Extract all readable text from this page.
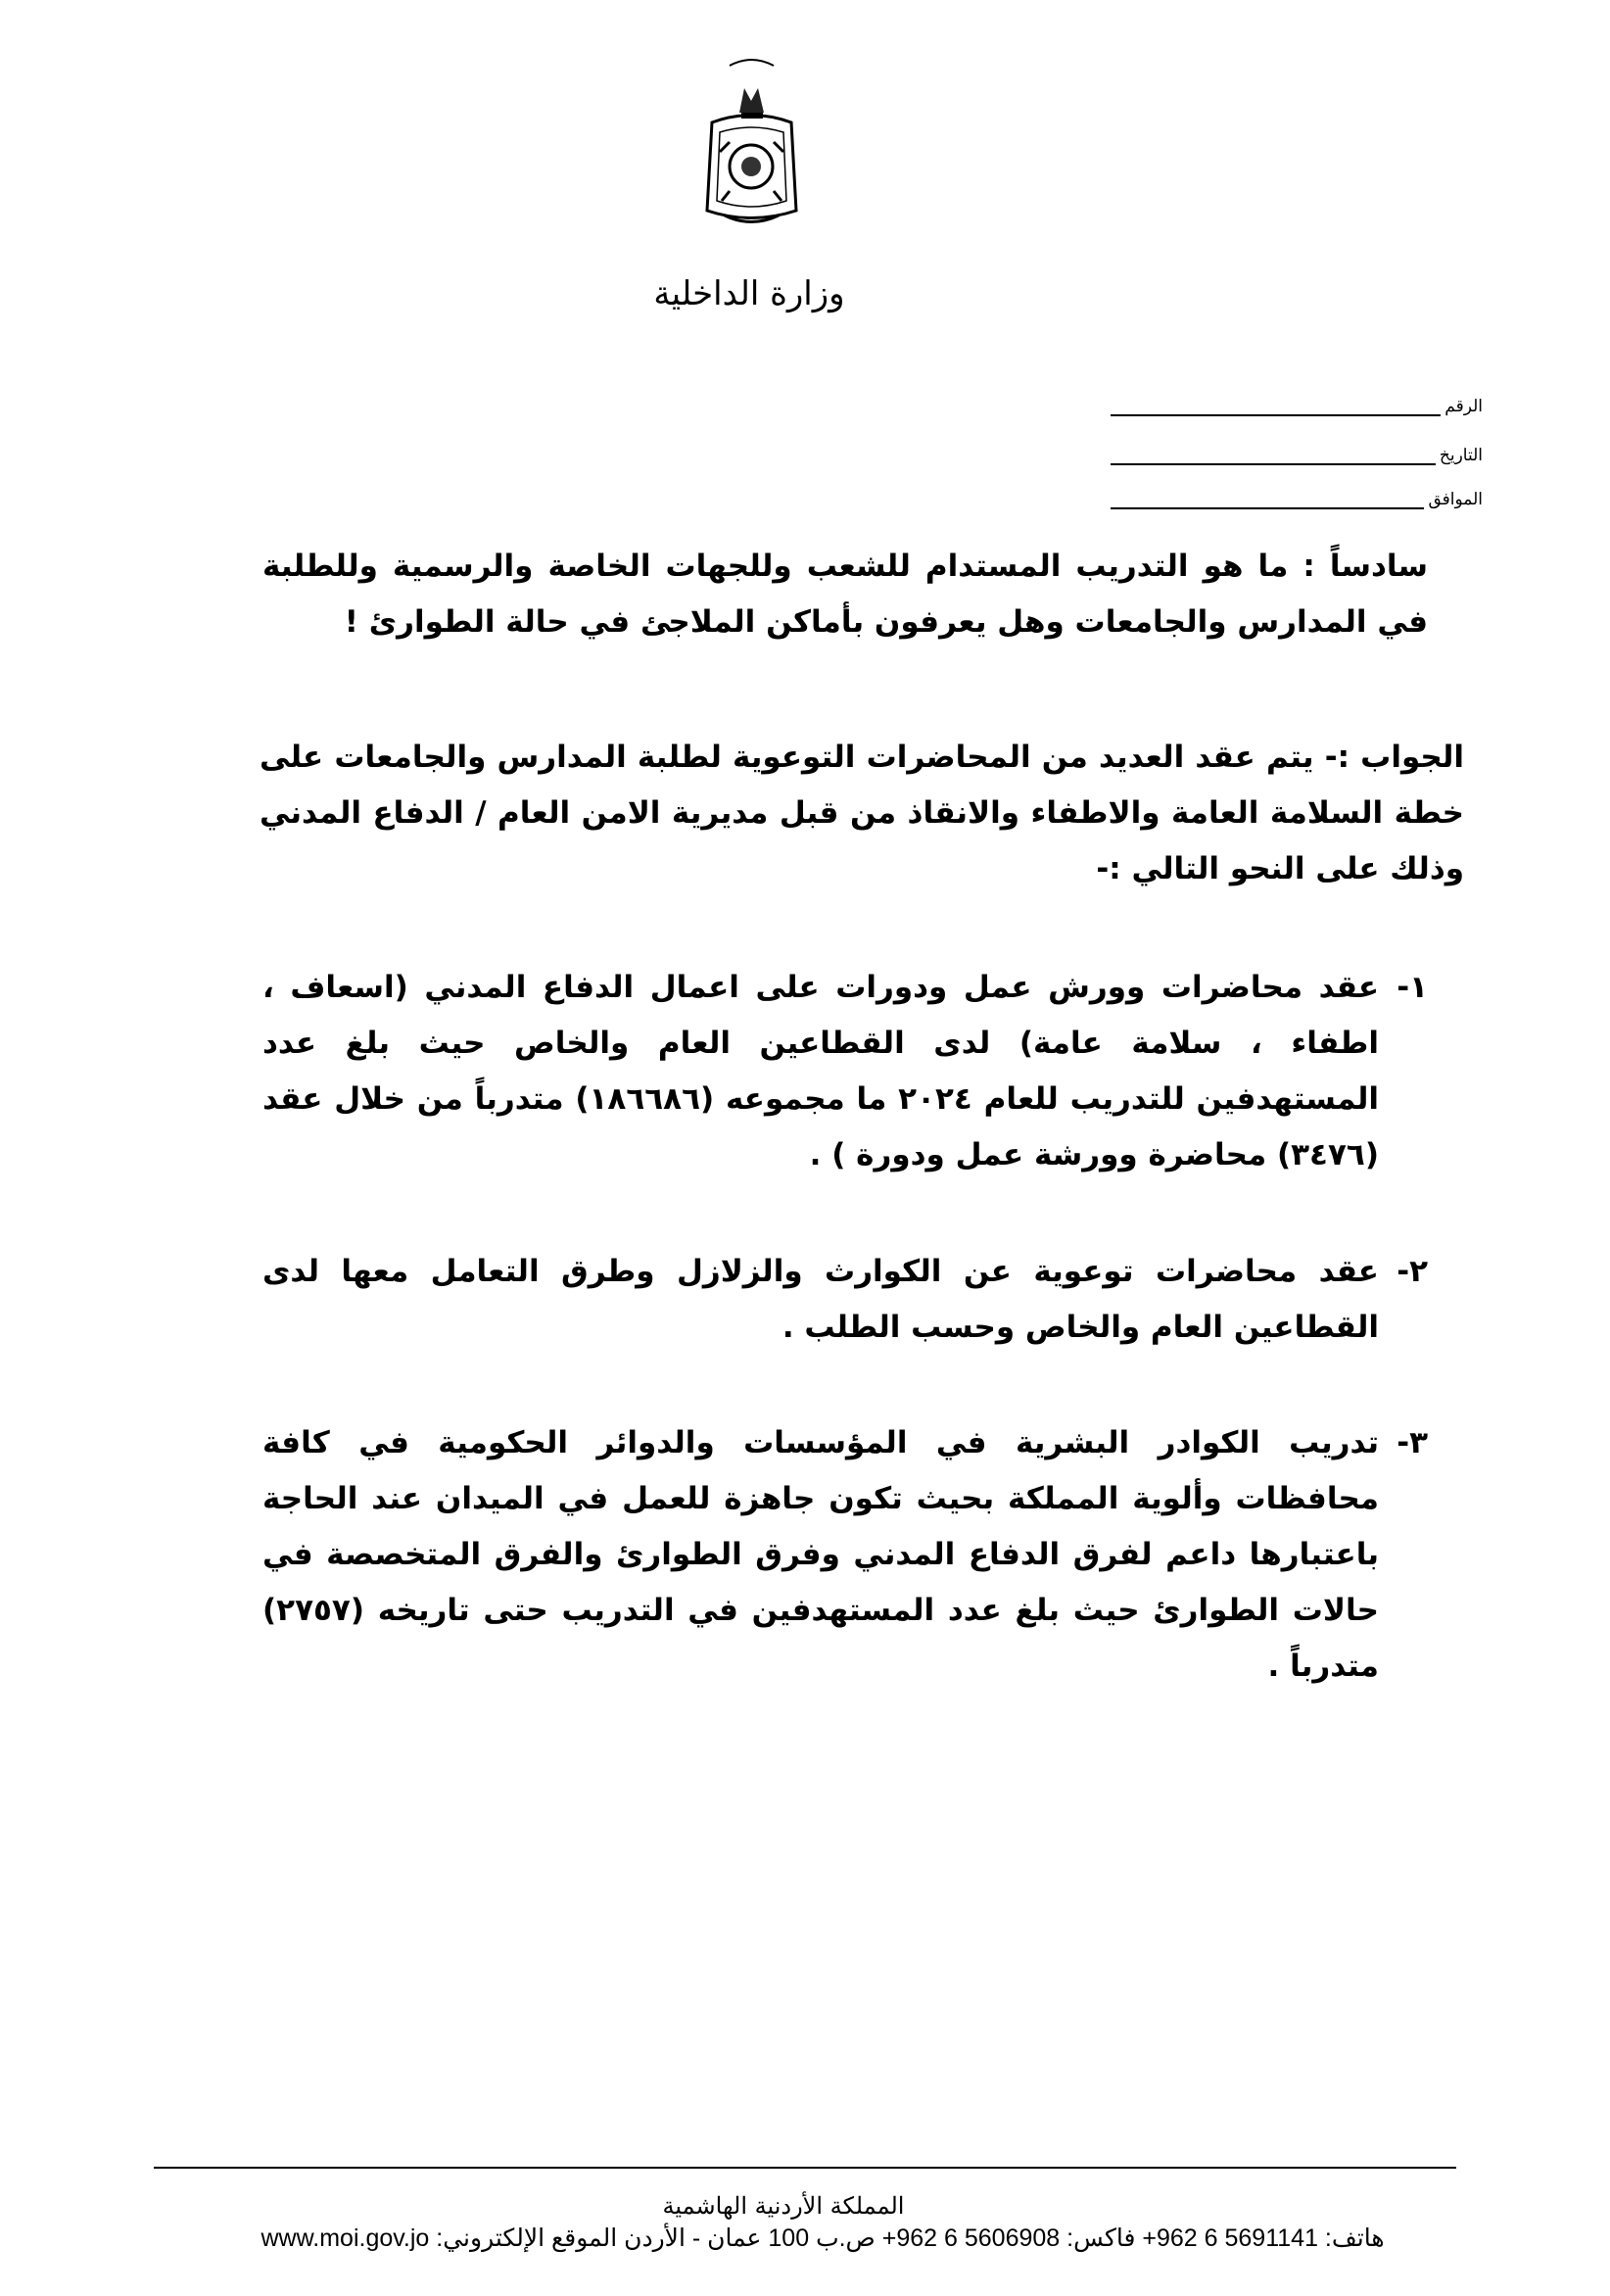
وزارة الداخلية
الرقم
التاريخ
الموافق
سادساً : ما هو التدريب المستدام للشعب وللجهات الخاصة والرسمية وللطلبة في المدارس والجامعات وهل يعرفون بأماكن الملاجئ في حالة الطوارئ !
الجواب :- يتم عقد العديد من المحاضرات التوعوية لطلبة المدارس والجامعات على خطة السلامة العامة والاطفاء والانقاذ من قبل مديرية الامن العام / الدفاع المدني وذلك على النحو التالي :-
١-
عقد محاضرات وورش عمل ودورات على اعمال الدفاع المدني (اسعاف ، اطفاء ، سلامة عامة) لدى القطاعين العام والخاص حيث بلغ عدد المستهدفين للتدريب للعام ٢٠٢٤ ما مجموعه (١٨٦٦٨٦) متدرباً من خلال عقد (٣٤٧٦) محاضرة وورشة عمل ودورة ) .
٢-
عقد محاضرات توعوية عن الكوارث والزلازل وطرق التعامل معها لدى القطاعين العام والخاص وحسب الطلب .
٣-
تدريب الكوادر البشرية في المؤسسات والدوائر الحكومية في كافة محافظات وألوية المملكة بحيث تكون جاهزة للعمل في الميدان عند الحاجة باعتبارها داعم لفرق الدفاع المدني وفرق الطوارئ والفرق المتخصصة في حالات الطوارئ حيث بلغ عدد المستهدفين في التدريب حتى تاريخه (٢٧٥٧) متدرباً .
المملكة الأردنية الهاشمية
هاتف: 5691141 6 962+ فاكس: 5606908 6 962+ ص.ب 100 عمان - الأردن الموقع الإلكتروني: www.moi.gov.jo
